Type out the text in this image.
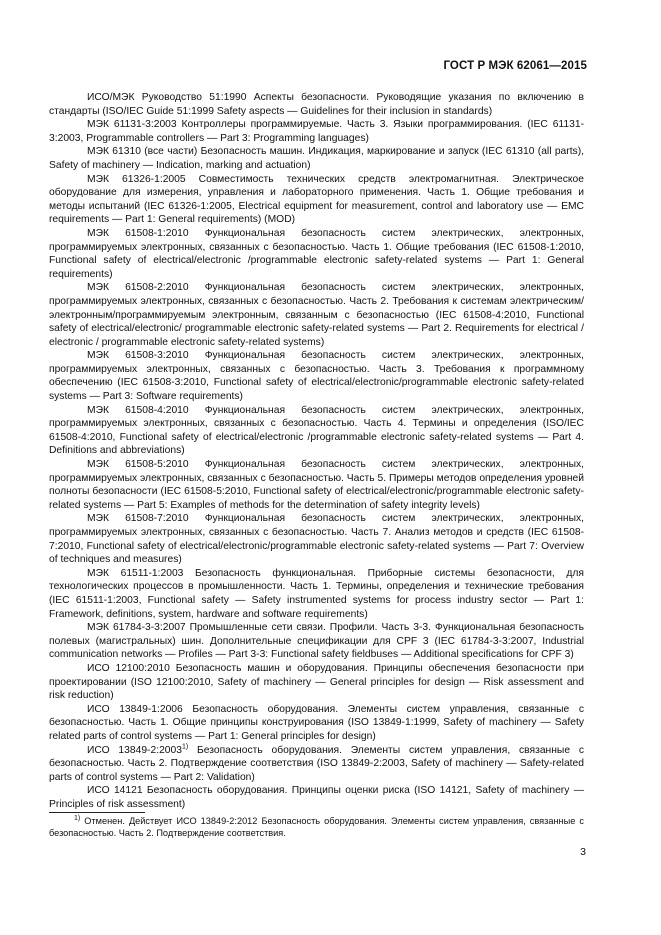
ГОСТ Р МЭК 62061—2015

ИСО/МЭК Руководство 51:1990 Аспекты безопасности. Руководящие указания по включению в стандарты (ISO/IEC Guide 51:1999 Safety aspects — Guidelines for their inclusion in standards)

МЭК 61131-3:2003 Контроллеры программируемые. Часть 3. Языки программирования. (IEC 61131-3:2003, Programmable controllers — Part 3: Programming languages)

МЭК 61310 (все части) Безопасность машин. Индикация, маркирование и запуск (IEC 61310 (all parts), Safety of machinery — Indication, marking and actuation)

МЭК 61326-1:2005 Совместимость технических средств электромагнитная. Электрическое оборудование для измерения, управления и лабораторного применения. Часть 1. Общие требования и методы испытаний (IEC 61326-1:2005, Electrical equipment for measurement, control and laboratory use — EMC requirements — Part 1: General requirements) (MOD)

МЭК 61508-1:2010 Функциональная безопасность систем электрических, электронных, программируемых электронных, связанных с безопасностью. Часть 1. Общие требования (IEC 61508-1:2010, Functional safety of electrical/electronic /programmable electronic safety-related systems — Part 1: General requirements)

МЭК 61508-2:2010 Функциональная безопасность систем электрических, электронных, программируемых электронных, связанных с безопасностью. Часть 2. Требования к системам электрическим/электронным/программируемым электронным, связанным с безопасностью (IEC 61508-4:2010, Functional safety of electrical/electronic/ programmable electronic safety-related systems — Part 2. Requirements for electrical / electronic / programmable electronic safety-related systems)

МЭК 61508-3:2010 Функциональная безопасность систем электрических, электронных, программируемых электронных, связанных с безопасностью. Часть 3. Требования к программному обеспечению (IEC 61508-3:2010, Functional safety of electrical/electronic/programmable electronic safety-related systems — Part 3: Software requirements)

МЭК 61508-4:2010 Функциональная безопасность систем электрических, электронных, программируемых электронных, связанных с безопасностью. Часть 4. Термины и определения (ISO/IEC 61508-4:2010, Functional safety of electrical/electronic /programmable electronic safety-related systems — Part 4. Definitions and abbreviations)

МЭК 61508-5:2010 Функциональная безопасность систем электрических, электронных, программируемых электронных, связанных с безопасностью. Часть 5. Примеры методов определения уровней полноты безопасности (IEC 61508-5:2010, Functional safety of electrical/electronic/programmable electronic safety-related systems — Part 5: Examples of methods for the determination of safety integrity levels)

МЭК 61508-7:2010 Функциональная безопасность систем электрических, электронных, программируемых электронных, связанных с безопасностью. Часть 7. Анализ методов и средств (IEC 61508-7:2010, Functional safety of electrical/electronic/programmable electronic safety-related systems — Part 7: Overview of techniques and measures)

МЭК 61511-1:2003 Безопасность функциональная. Приборные системы безопасности, для технологических процессов в промышленности. Часть 1. Термины, определения и технические требования (IEC 61511-1:2003, Functional safety — Safety instrumented systems for process industry sector — Part 1: Framework, definitions, system, hardware and software requirements)

МЭК 61784-3-3:2007 Промышленные сети связи. Профили. Часть 3-3. Функциональная безопасность полевых (магистральных) шин. Дополнительные спецификации для CPF 3 (IEC 61784-3-3:2007, Industrial communication networks — Profiles — Part 3-3: Functional safety fieldbuses — Additional specifications for CPF 3)

ИСО 12100:2010 Безопасность машин и оборудования. Принципы обеспечения безопасности при проектировании (ISO 12100:2010, Safety of machinery — General principles for design — Risk assessment and risk reduction)

ИСО 13849-1:2006 Безопасность оборудования. Элементы систем управления, связанные с безопасностью. Часть 1. Общие принципы конструирования (ISO 13849-1:1999, Safety of machinery — Safety related parts of control systems — Part 1: General principles for design)

ИСО 13849-2:2003$^{1)}$ Безопасность оборудования. Элементы систем управления, связанные с безопасностью. Часть 2. Подтверждение соответствия (ISO 13849-2:2003, Safety of machinery — Safety-related parts of control systems — Part 2: Validation)

ИСО 14121 Безопасность оборудования. Принципы оценки риска (ISO 14121, Safety of machinery — Principles of risk assessment)

$^{1)}$ Отменен. Действует ИСО 13849-2:2012 Безопасность оборудования. Элементы систем управления, связанные с безопасностью. Часть 2. Подтверждение соответствия.

3
